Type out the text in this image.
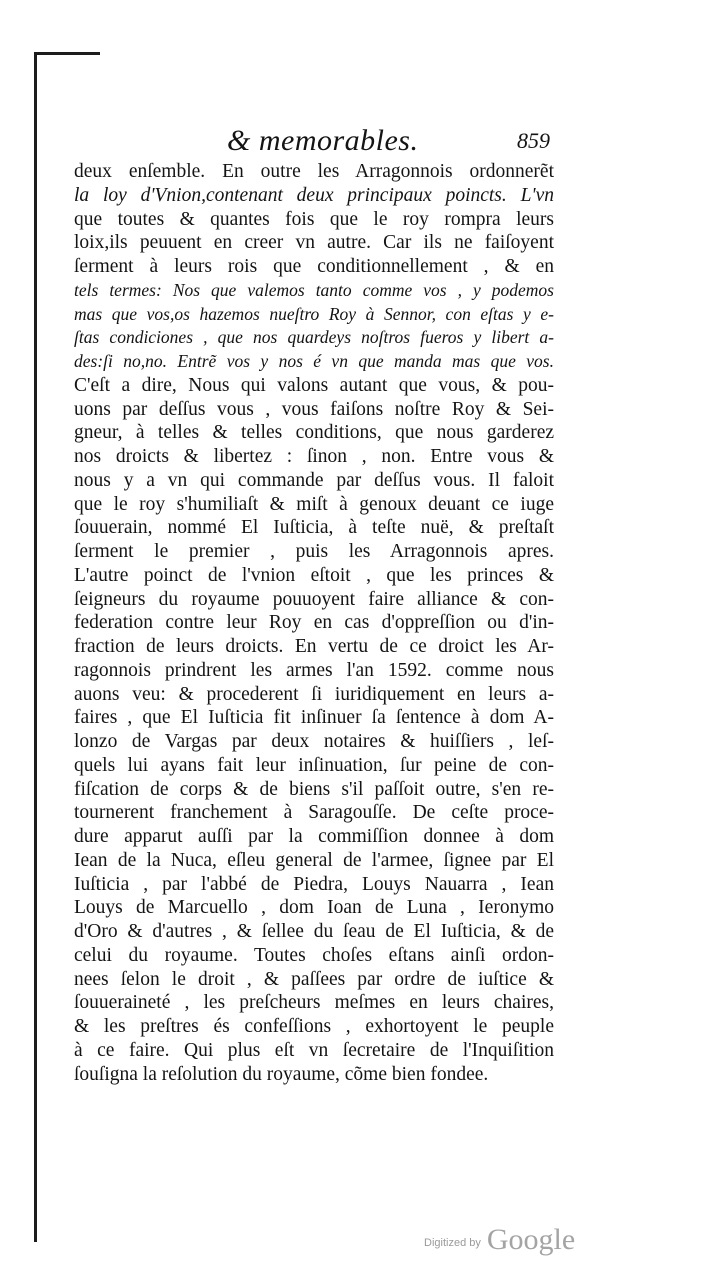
& memorables.	859
deux enſemble. En outre les Arragonnois ordonnerẽt
la loy d'Vnion,contenant deux principaux poincts. L'vn
que toutes & quantes fois que le roy rompra leurs
loix,ils peuuent en creer vn autre. Car ils ne faiſoyent
ſerment à leurs rois que conditionnellement , & en
tels termes: Nos que valemos tanto comme vos , y podemos
mas que vos,os hazemos nueſtro Roy à Sennor, con eſtas y e-
ſtas condiciones , que nos quardeys noſtros fueros y libert a-
des:ſi no,no. Entrẽ vos y nos é vn que manda mas que vos.
C'eſt a dire, Nous qui valons autant que vous, & pou-
uons par deſſus vous , vous faiſons noſtre Roy & Sei-
gneur, à telles & telles conditions, que nous garderez
nos droicts & libertez : ſinon , non. Entre vous &
nous y a vn qui commande par deſſus vous. Il faloit
que le roy s'humiliaſt & miſt à genoux deuant ce iuge
ſouuerain, nommé El Iuſticia, à teſte nuë, & preſtaſt
ſerment le premier , puis les Arragonnois apres.
L'autre poinct de l'vnion eſtoit , que les princes &
ſeigneurs du royaume pouuoyent faire alliance & con-
federation contre leur Roy en cas d'oppreſſion ou d'in-
fraction de leurs droicts. En vertu de ce droict les Ar-
ragonnois prindrent les armes l'an 1592. comme nous
auons veu: & procederent ſi iuridiquement en leurs a-
faires , que El Iuſticia fit inſinuer ſa ſentence à dom A-
lonzo de Vargas par deux notaires & huiſſiers , leſ-
quels lui ayans fait leur inſinuation, ſur peine de con-
fiſcation de corps & de biens s'il paſſoit outre, s'en re-
tournerent franchement à Saragouſſe. De ceſte proce-
dure apparut auſſi par la commiſſion donnee à dom
Iean de la Nuca, eſleu general de l'armee, ſignee par El
Iuſticia , par l'abbé de Piedra, Louys Nauarra , Iean
Louys de Marcuello , dom Ioan de Luna , Ieronymo
d'Oro & d'autres , & ſellee du ſeau de El Iuſticia, & de
celui du royaume. Toutes choſes eſtans ainſi ordon-
nees ſelon le droit , & paſſees par ordre de iuſtice &
ſouueraineté , les preſcheurs meſmes en leurs chaires,
& les preſtres és confeſſions , exhortoyent le peuple
à ce faire. Qui plus eſt vn ſecretaire de l'Inquiſition
ſouſigna la reſolution du royaume, cõme bien fondee.
Digitized by Google
